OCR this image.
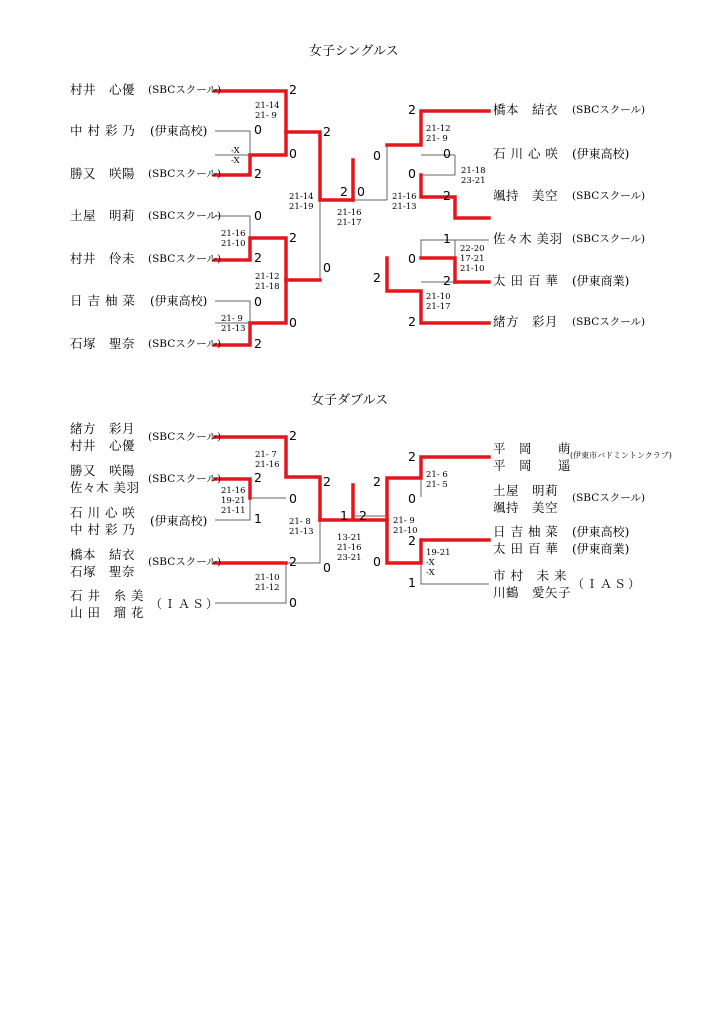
女子シングルス
村井　心優 (SBCスクール)
中 村 彩 乃 (伊東高校)
勝又　咲陽 (SBCスクール)
土屋　明莉 (SBCスクール)
村井　伶未 (SBCスクール)
日 吉 柚 菜 (伊東高校)
石塚　聖奈 (SBCスクール)
橋本　結衣 (SBCスクール)
石 川 心 咲 (伊東高校)
颯持　美空 (SBCスクール)
佐々木 美羽 (SBCスクール)
太 田 百 華 (伊東商業)
緒方　彩月 (SBCスクール)
2
0
0
2
2
0
2
2
0
0
0
2
2
2
0	0
0
2
0
1
0
2
2
2
21-14
21- 9
-X
-X
21-16
21-10
21- 9
21-13
21-12
21-18
21-14
21-19
21-16
21-17
21-12
21- 9
21-18
23-21
22-20
17-21
21-10
21-16
21-13
21-10
21-17
女子ダブルス
緒方　彩月
村井　心優
(SBCスクール)
勝又　咲陽
佐々木 美羽
(SBCスクール)
石 川 心 咲
中 村 彩 乃
(伊東高校)
橋本　結衣
石塚　聖奈
(SBCスクール)
石 井　糸 美
山 田　瑠 花
（ＩＡＳ）
平　岡　　萌
平　岡　　遥
(伊東市バドミントンクラブ)
土屋　明莉
颯持　美空
(SBCスクール)
日 吉 柚 菜
太 田 百 華
(伊東高校)
(伊東商業)
市 村　未 来
川鶴　愛矢子
（ＩＡＳ）
2
2
2
0
1
2 0
0
1 2
2
2
0
2
0
1
21- 7
21-16
21-16
19-21
21-11
21-10
21-12
21- 8
21-13
13-21
21-16
23-21
21- 6
21- 5
19-21
-X
-X
21- 9
21-10
